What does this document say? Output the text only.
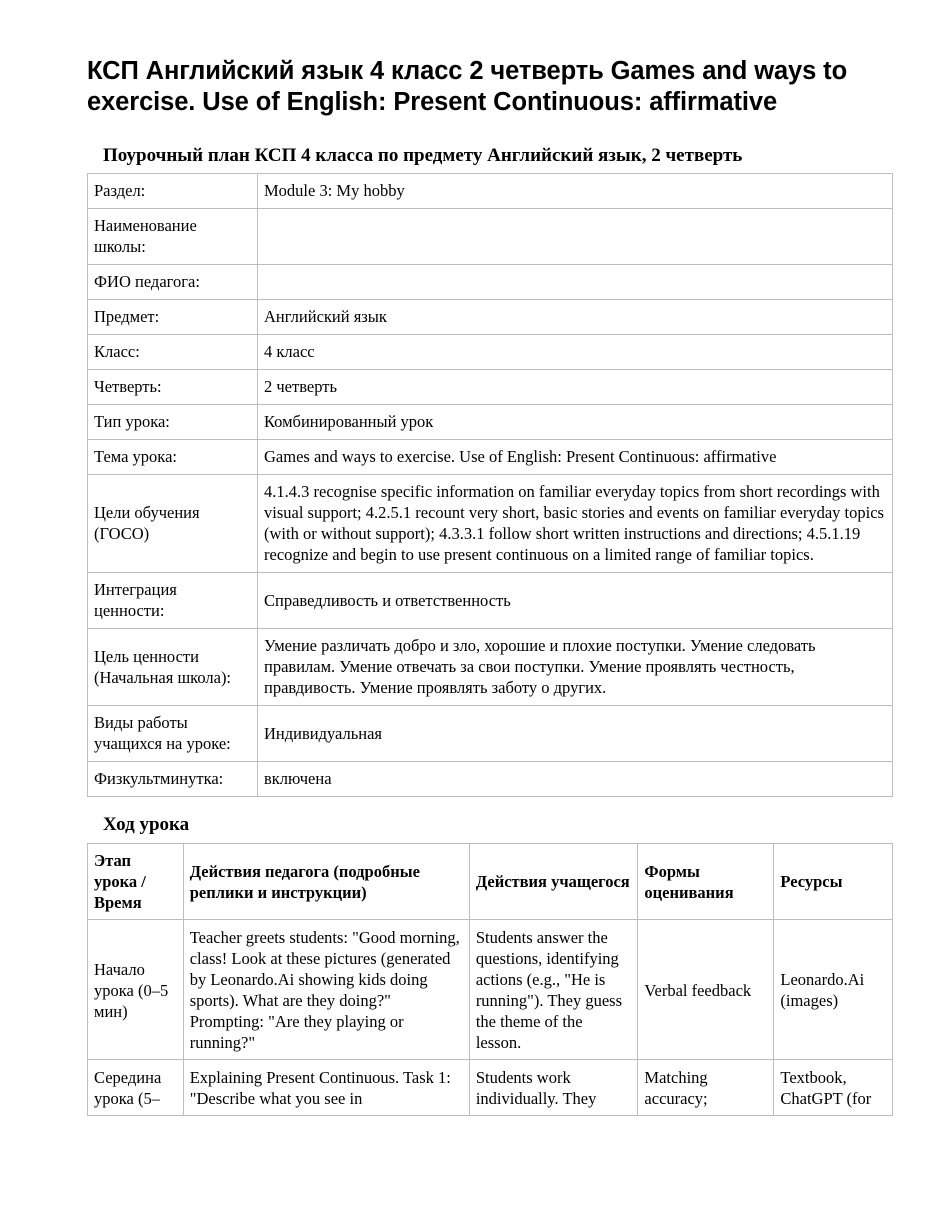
КСП Английский язык 4 класс 2 четверть Games and ways to exercise. Use of English: Present Continuous: affirmative
Поурочный план КСП 4 класса по предмету Английский язык, 2 четверть
Раздел:	Module 3: My hobby
Наименование школы:	
ФИО педагога:	
Предмет:	Английский язык
Класс:	4 класс
Четверть:	2 четверть
Тип урока:	Комбинированный урок
Тема урока:	Games and ways to exercise. Use of English: Present Continuous: affirmative
Цели обучения (ГОСО)	4.1.4.3 recognise specific information on familiar everyday topics from short recordings with visual support; 4.2.5.1 recount very short, basic stories and events on familiar everyday topics (with or without support); 4.3.3.1 follow short written instructions and directions; 4.5.1.19 recognize and begin to use present continuous on a limited range of familiar topics.
Интеграция ценности:	Справедливость и ответственность
Цель ценности (Начальная школа):	Умение различать добро и зло, хорошие и плохие поступки. Умение следовать правилам. Умение отвечать за свои поступки. Умение проявлять честность, правдивость. Умение проявлять заботу о других.
Виды работы учащихся на уроке:	Индивидуальная
Физкультминутка:	включена
Ход урока
Этап урока / Время	Действия педагога (подробные реплики и инструкции)	Действия учащегося	Формы оценивания	Ресурсы
Начало урока (0–5 мин)	Teacher greets students: "Good morning, class! Look at these pictures (generated by Leonardo.Ai showing kids doing sports). What are they doing?" Prompting: "Are they playing or running?"	Students answer the questions, identifying actions (e.g., "He is running"). They guess the theme of the lesson.	Verbal feedback	Leonardo.Ai (images)
Середина урока (5–	Explaining Present Continuous. Task 1: "Describe what you see in	Students work individually. They	Matching accuracy;	Textbook, ChatGPT (for
